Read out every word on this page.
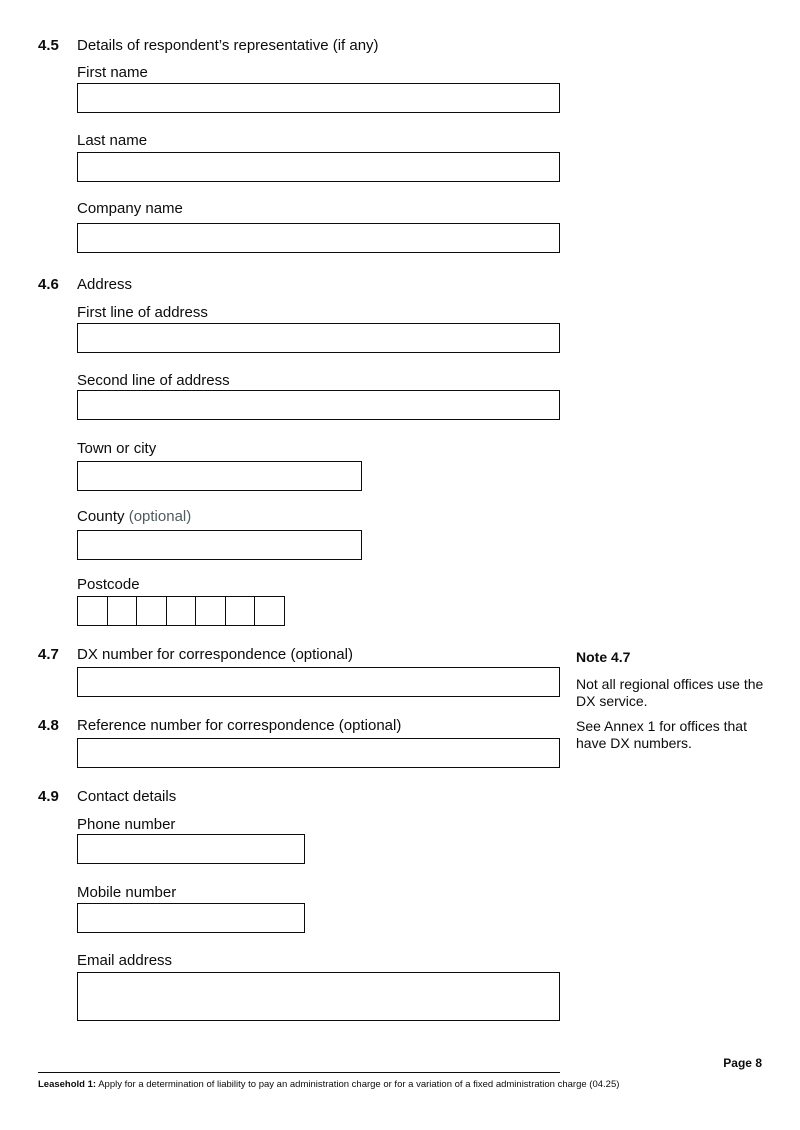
4.5 Details of respondent’s representative (if any)
First name
Last name
Company name
4.6 Address
First line of address
Second line of address
Town or city
County (optional)
Postcode
4.7 DX number for correspondence (optional)
4.8 Reference number for correspondence (optional)
Note 4.7
Not all regional offices use the DX service.
See Annex 1 for offices that have DX numbers.
4.9 Contact details
Phone number
Mobile number
Email address
Page 8
Leasehold 1: Apply for a determination of liability to pay an administration charge or for a variation of a fixed administration charge (04.25)
